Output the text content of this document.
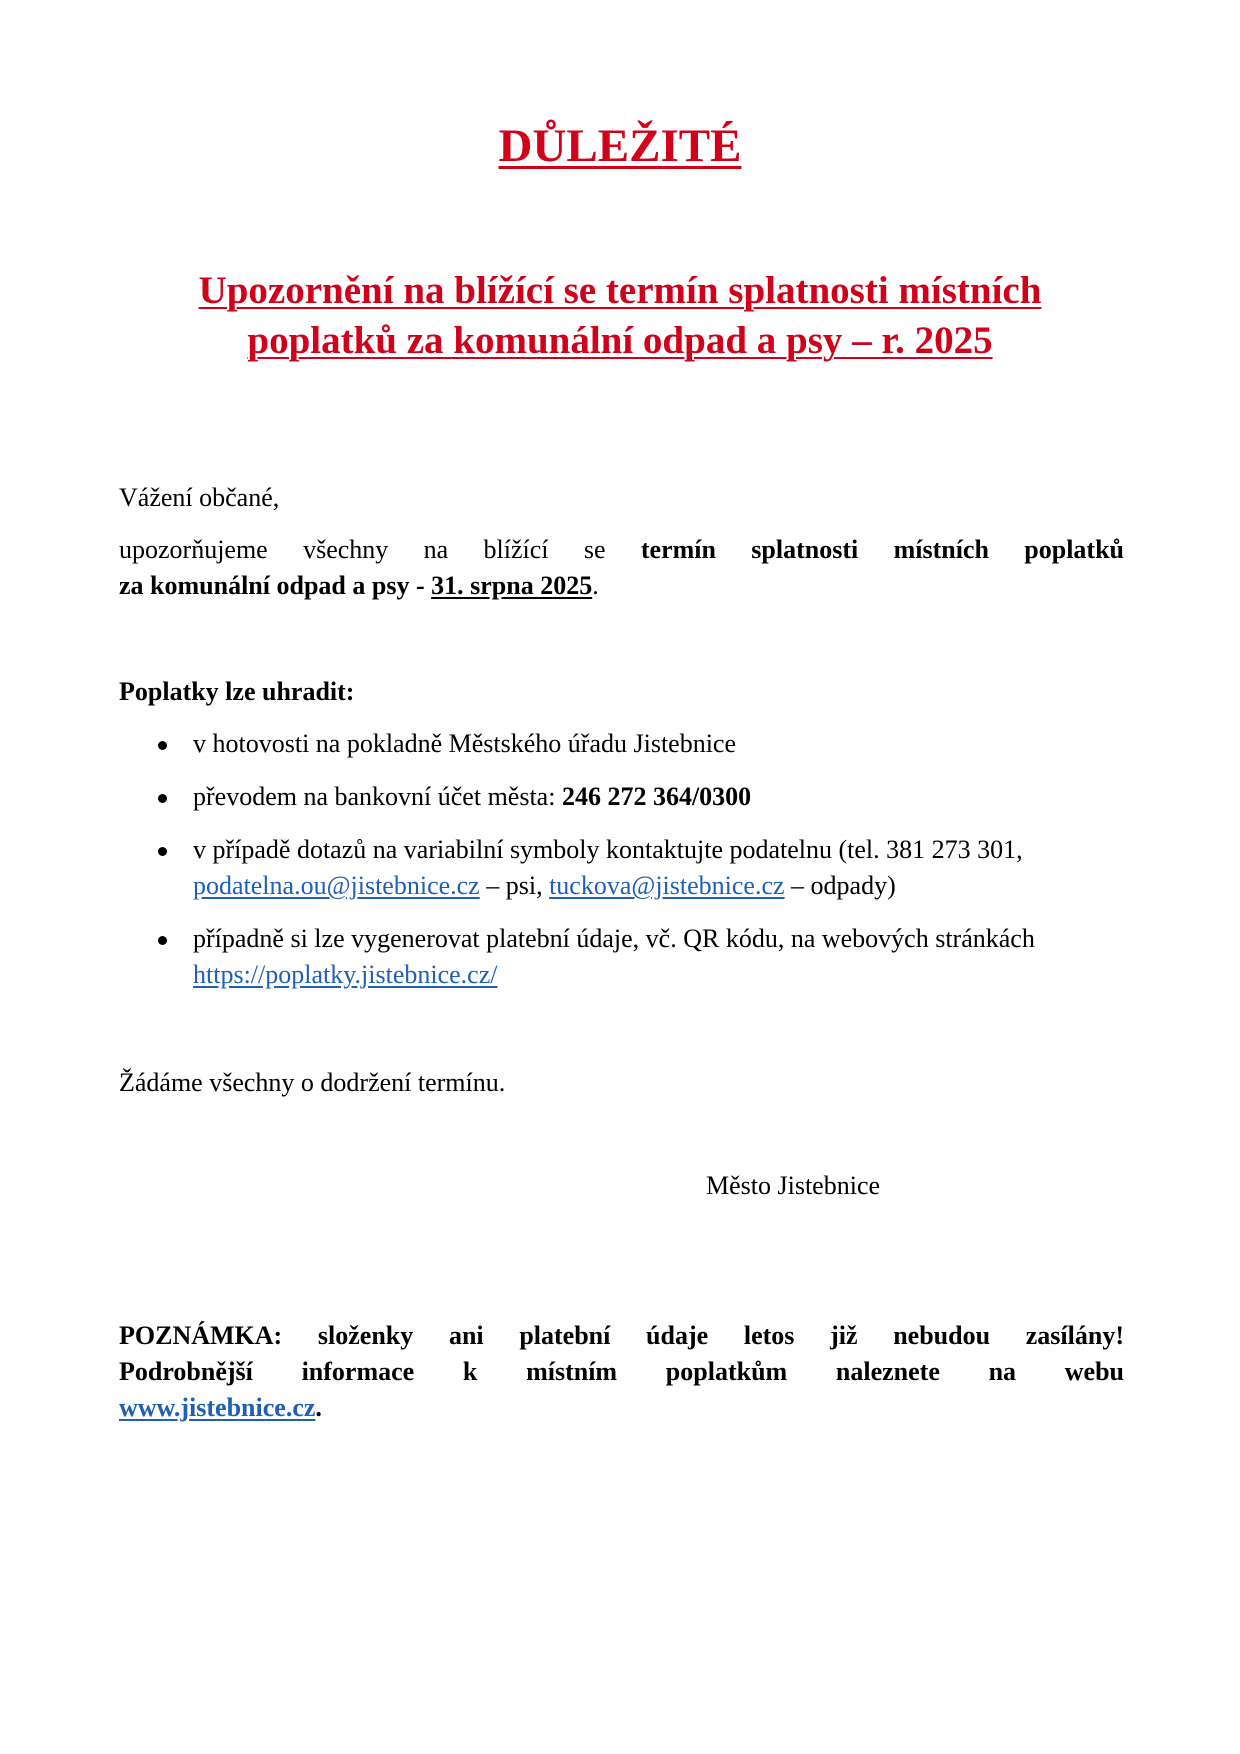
DŮLEŽITÉ
Upozornění na blížící se termín splatnosti místních
poplatků za komunální odpad a psy – r. 2025
Vážení občané,
upozorňujeme všechny na blížící se termín splatnosti místních poplatků
za komunální odpad a psy - 31. srpna 2025.
Poplatky lze uhradit:
v hotovosti na pokladně Městského úřadu Jistebnice
převodem na bankovní účet města: 246 272 364/0300
v případě dotazů na variabilní symboly kontaktujte podatelnu (tel. 381 273 301,
podatelna.ou@jistebnice.cz – psi, tuckova@jistebnice.cz – odpady)
případně si lze vygenerovat platební údaje, vč. QR kódu, na webových stránkách
https://poplatky.jistebnice.cz/
Žádáme všechny o dodržení termínu.
Město Jistebnice
POZNÁMKA: složenky ani platební údaje letos již nebudou zasílány!
Podrobnější informace k místním poplatkům naleznete na webu
www.jistebnice.cz.
